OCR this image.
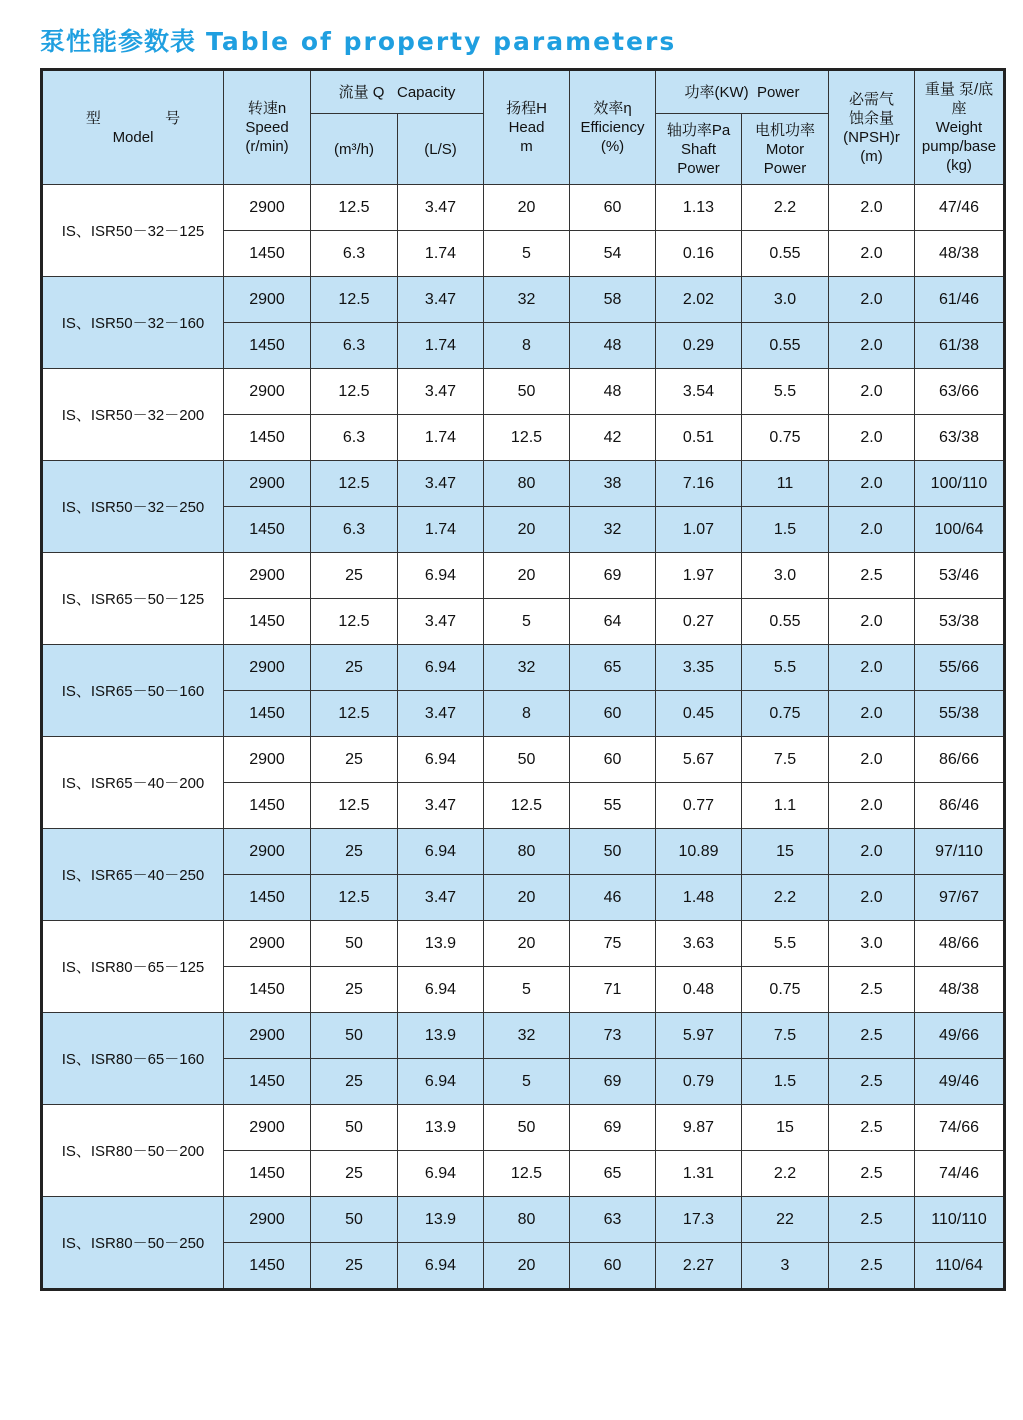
泵性能参数表 Table of property parameters
型 号
Model	转速n
Speed
(r/min)	流量 Q Capacity		扬程H
Head
m	效率η
Efficiency
(%)	功率(KW) Power		必需气
蚀余量
(NPSH)r
(m)	重量 泵/底
座
Weight
pump/base
(kg)

		(m³/h)	(L/S)			轴功率Pa
Shaft
Power	电机功率
Motor
Power		

IS、ISR50－32－125	2900	12.5	3.47	20	60	1.13	2.2	2.0	47/46
	1450	6.3	1.74	5	54	0.16	0.55	2.0	48/38
IS、ISR50－32－160	2900	12.5	3.47	32	58	2.02	3.0	2.0	61/46
	1450	6.3	1.74	8	48	0.29	0.55	2.0	61/38
IS、ISR50－32－200	2900	12.5	3.47	50	48	3.54	5.5	2.0	63/66
	1450	6.3	1.74	12.5	42	0.51	0.75	2.0	63/38
IS、ISR50－32－250	2900	12.5	3.47	80	38	7.16	11	2.0	100/110
	1450	6.3	1.74	20	32	1.07	1.5	2.0	100/64
IS、ISR65－50－125	2900	25	6.94	20	69	1.97	3.0	2.5	53/46
	1450	12.5	3.47	5	64	0.27	0.55	2.0	53/38
IS、ISR65－50－160	2900	25	6.94	32	65	3.35	5.5	2.0	55/66
	1450	12.5	3.47	8	60	0.45	0.75	2.0	55/38
IS、ISR65－40－200	2900	25	6.94	50	60	5.67	7.5	2.0	86/66
	1450	12.5	3.47	12.5	55	0.77	1.1	2.0	86/46
IS、ISR65－40－250	2900	25	6.94	80	50	10.89	15	2.0	97/110
	1450	12.5	3.47	20	46	1.48	2.2	2.0	97/67
IS、ISR80－65－125	2900	50	13.9	20	75	3.63	5.5	3.0	48/66
	1450	25	6.94	5	71	0.48	0.75	2.5	48/38
IS、ISR80－65－160	2900	50	13.9	32	73	5.97	7.5	2.5	49/66
	1450	25	6.94	5	69	0.79	1.5	2.5	49/46
IS、ISR80－50－200	2900	50	13.9	50	69	9.87	15	2.5	74/66
	1450	25	6.94	12.5	65	1.31	2.2	2.5	74/46
IS、ISR80－50－250	2900	50	13.9	80	63	17.3	22	2.5	110/110
	1450	25	6.94	20	60	2.27	3	2.5	110/64
